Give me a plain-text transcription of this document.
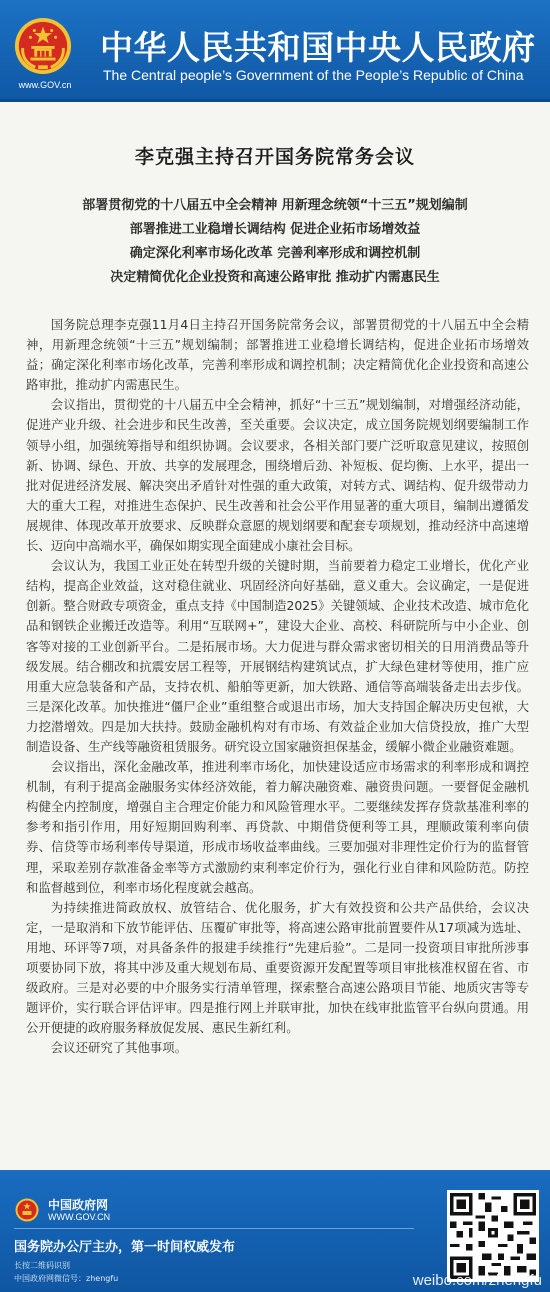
www.GOV.cn
中华人民共和国中央人民政府
The Central people’s Government of the People’s Republic of China
李克强主持召开国务院常务会议
部署贯彻党的十八届五中全会精神 用新理念统领“十三五”规划编制
部署推进工业稳增长调结构 促进企业拓市场增效益
确定深化利率市场化改革 完善利率形成和调控机制
决定精简优化企业投资和高速公路审批 推动扩内需惠民生

国务院总理李克强11月4日主持召开国务院常务会议，部署贯彻党的十八届五中全会精神，用新理念统领“十三五”规划编制；部署推进工业稳增长调结构，促进企业拓市场增效益；确定深化利率市场化改革，完善利率形成和调控机制；决定精简优化企业投资和高速公路审批，推动扩内需惠民生。

会议指出，贯彻党的十八届五中全会精神，抓好“十三五”规划编制，对增强经济动能，促进产业升级、社会进步和民生改善，至关重要。会议决定，成立国务院规划纲要编制工作领导小组，加强统筹指导和组织协调。会议要求，各相关部门要广泛听取意见建议，按照创新、协调、绿色、开放、共享的发展理念，围绕增后劲、补短板、促均衡、上水平，提出一批对促进经济发展、解决突出矛盾针对性强的重大政策，对转方式、调结构、促升级带动力大的重大工程，对推进生态保护、民生改善和社会公平作用显著的重大项目，编制出遵循发展规律、体现改革开放要求、反映群众意愿的规划纲要和配套专项规划，推动经济中高速增长、迈向中高端水平，确保如期实现全面建成小康社会目标。

会议认为，我国工业正处在转型升级的关键时期，当前要着力稳定工业增长，优化产业结构，提高企业效益，这对稳住就业、巩固经济向好基础，意义重大。会议确定，一是促进创新。整合财政专项资金，重点支持《中国制造2025》关键领域、企业技术改造、城市危化品和钢铁企业搬迁改造等。利用“互联网+”，建设大企业、高校、科研院所与中小企业、创客等对接的工业创新平台。二是拓展市场。大力促进与群众需求密切相关的日用消费品等升级发展。结合棚改和抗震安居工程等，开展钢结构建筑试点，扩大绿色建材等使用，推广应用重大应急装备和产品，支持农机、船舶等更新，加大铁路、通信等高端装备走出去步伐。三是深化改革。加快推进“僵尸企业”重组整合或退出市场，加大支持国企解决历史包袱，大力挖潜增效。四是加大扶持。鼓励金融机构对有市场、有效益企业加大信贷投放，推广大型制造设备、生产线等融资租赁服务。研究设立国家融资担保基金，缓解小微企业融资难题。

会议指出，深化金融改革，推进利率市场化，加快建设适应市场需求的利率形成和调控机制，有利于提高金融服务实体经济效能，着力解决融资难、融资贵问题。一要督促金融机构健全内控制度，增强自主合理定价能力和风险管理水平。二要继续发挥存贷款基准利率的参考和指引作用，用好短期回购利率、再贷款、中期借贷便利等工具，理顺政策利率向债券、信贷等市场利率传导渠道，形成市场收益率曲线。三要加强对非理性定价行为的监督管理，采取差别存款准备金率等方式激励约束利率定价行为，强化行业自律和风险防范。防控和监督越到位，利率市场化程度就会越高。

为持续推进简政放权、放管结合、优化服务，扩大有效投资和公共产品供给，会议决定，一是取消和下放节能评估、压覆矿审批等，将高速公路审批前置要件从17项减为选址、用地、环评等7项，对具备条件的报建手续推行“先建后验”。二是同一投资项目审批所涉事项要协同下放，将其中涉及重大规划布局、重要资源开发配置等项目审批核准权留在省、市级政府。三是对必要的中介服务实行清单管理，探索整合高速公路项目节能、地质灾害等专题评价，实行联合评估评审。四是推行网上并联审批，加快在线审批监管平台纵向贯通。用公开便捷的政府服务释放促发展、惠民生新红利。

会议还研究了其他事项。

中国政府网
WWW.GOV.CN
国务院办公厅主办，第一时间权威发布
长按二维码识别
中国政府网微信号：zhengfu	weibo.com/zhengfu
